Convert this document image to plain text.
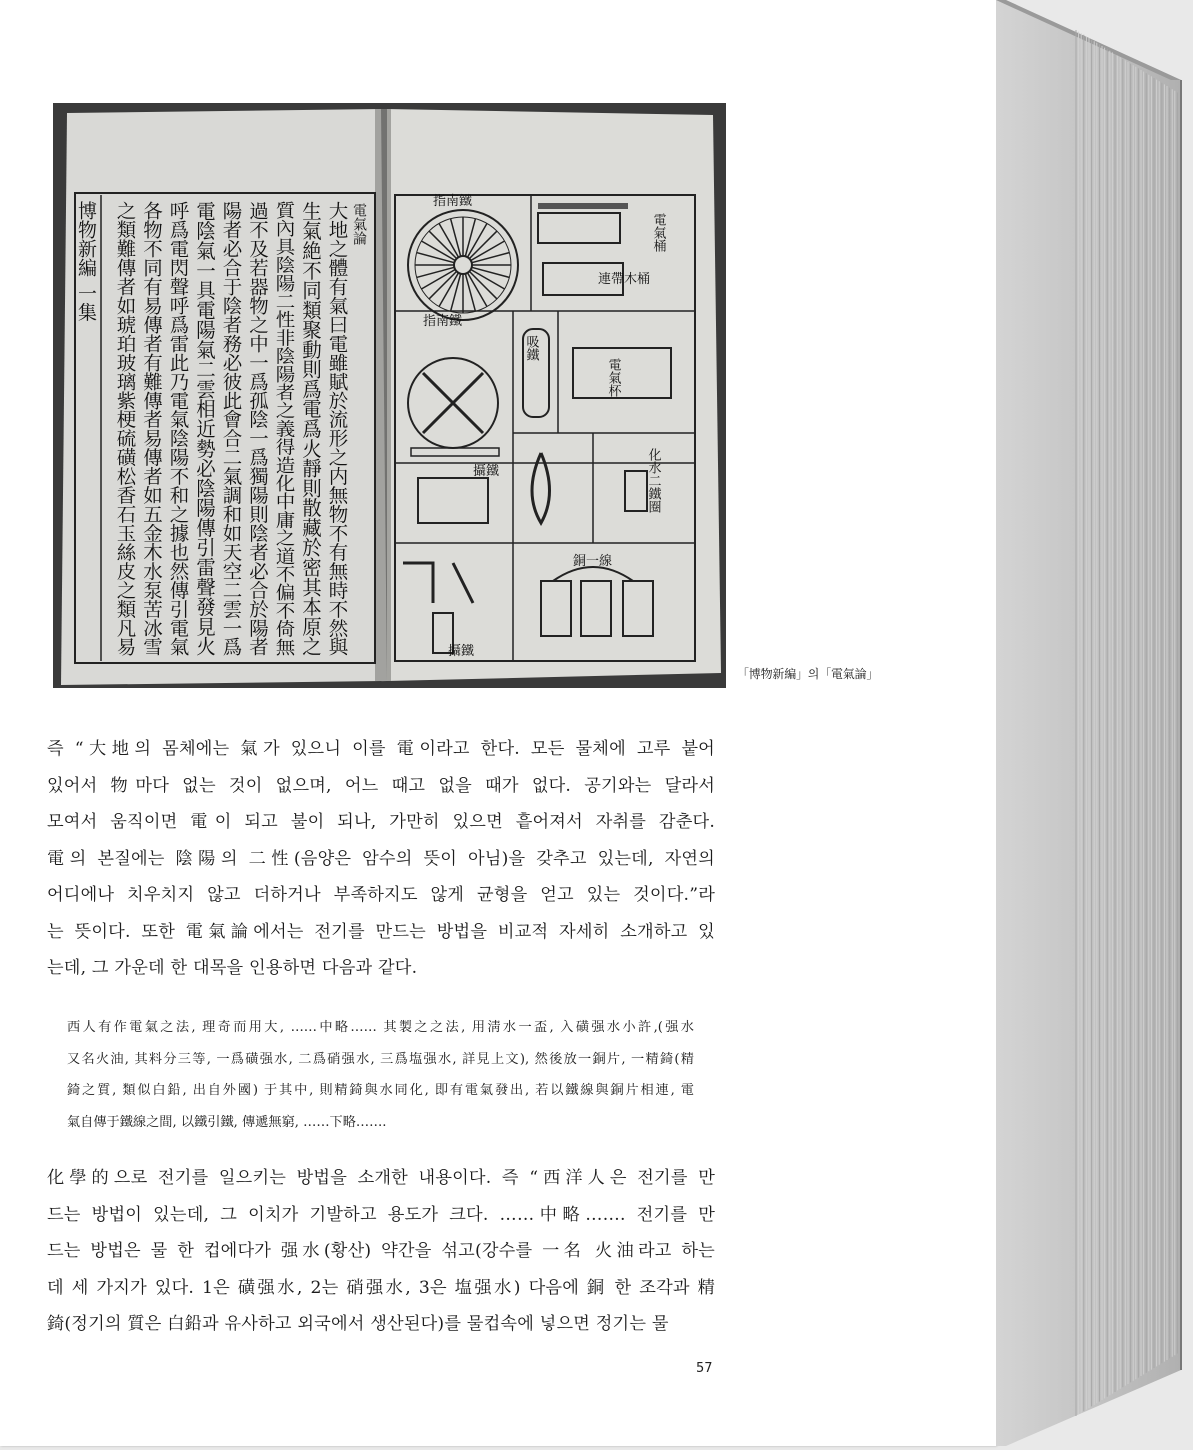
電氣論
大地之體有氣曰電雖賦於流形之内無物不有無時不然與
生氣絶不同類聚動則爲電爲火靜則散藏於密其本原之
質內具陰陽二性非陰陽者之義得造化中庸之道不偏不倚無
過不及若器物之中一爲孤陰一爲獨陽則陰者必合於陽者
陽者必合于陰者務必彼此會合二氣調和如天空二雲一爲
電陰氣一具電陽氣二雲相近勢必陰陽傳引雷聲發見火
呼爲電閃聲呼爲雷此乃電氣陰陽不和之據也然傳引電氣
各物不同有易傳者有難傳者易傳者如五金木水泵苦冰雪
之類難傳者如琥珀玻璃紫梗硫磺松香石玉絲皮之類凡易
博物新編 一集	指南鐵
指南鐵
攝鐵
攝鐵
連帶木桶
電氣桶
電氣杯
化水二鐵圈
銅一線
吸鐵
「博物新編」의「電氣論」
즉 “大地의 몸체에는 氣가 있으니 이를 電이라고 한다. 모든 물체에 고루 붙어
있어서 物마다 없는 것이 없으며, 어느 때고 없을 때가 없다. 공기와는 달라서
모여서 움직이면 電이 되고 불이 되나, 가만히 있으면 흩어져서 자취를 감춘다.
電의 본질에는 陰陽의 二性(음양은 암수의 뜻이 아님)을 갖추고 있는데, 자연의
어디에나 치우치지 않고 더하거나 부족하지도 않게 균형을 얻고 있는 것이다.”라
는 뜻이다. 또한 電氣論에서는 전기를 만드는 방법을 비교적 자세히 소개하고 있
는데, 그 가운데 한 대목을 인용하면 다음과 같다.
西人有作電氣之法, 理奇而用大, ……中略…… 其製之之法, 用淸水一盃, 入磺强水小許,(强水
又名火油, 其料分三等, 一爲磺强水, 二爲硝强水, 三爲塩强水, 詳見上文), 然後放一銅片, 一精錡(精
錡之質, 類似白鉛, 出自外國) 于其中, 則精錡與水同化, 即有電氣發出, 若以鐵線與銅片相連, 電
氣自傳于鐵線之間, 以鐵引鐵, 傳遞無窮, ……下略…….
化學的으로 전기를 일으키는 방법을 소개한 내용이다. 즉 “西洋人은 전기를 만
드는 방법이 있는데, 그 이치가 기발하고 용도가 크다. ……中略……. 전기를 만
드는 방법은 물 한 컵에다가 强水(황산) 약간을 섞고(강수를 一名 火油라고 하는
데 세 가지가 있다. 1은 磺强水, 2는 硝强水, 3은 塩强水) 다음에 銅 한 조각과 精
錡(정기의 質은 白鉛과 유사하고 외국에서 생산된다)를 물컵속에 넣으면 정기는 물
57
